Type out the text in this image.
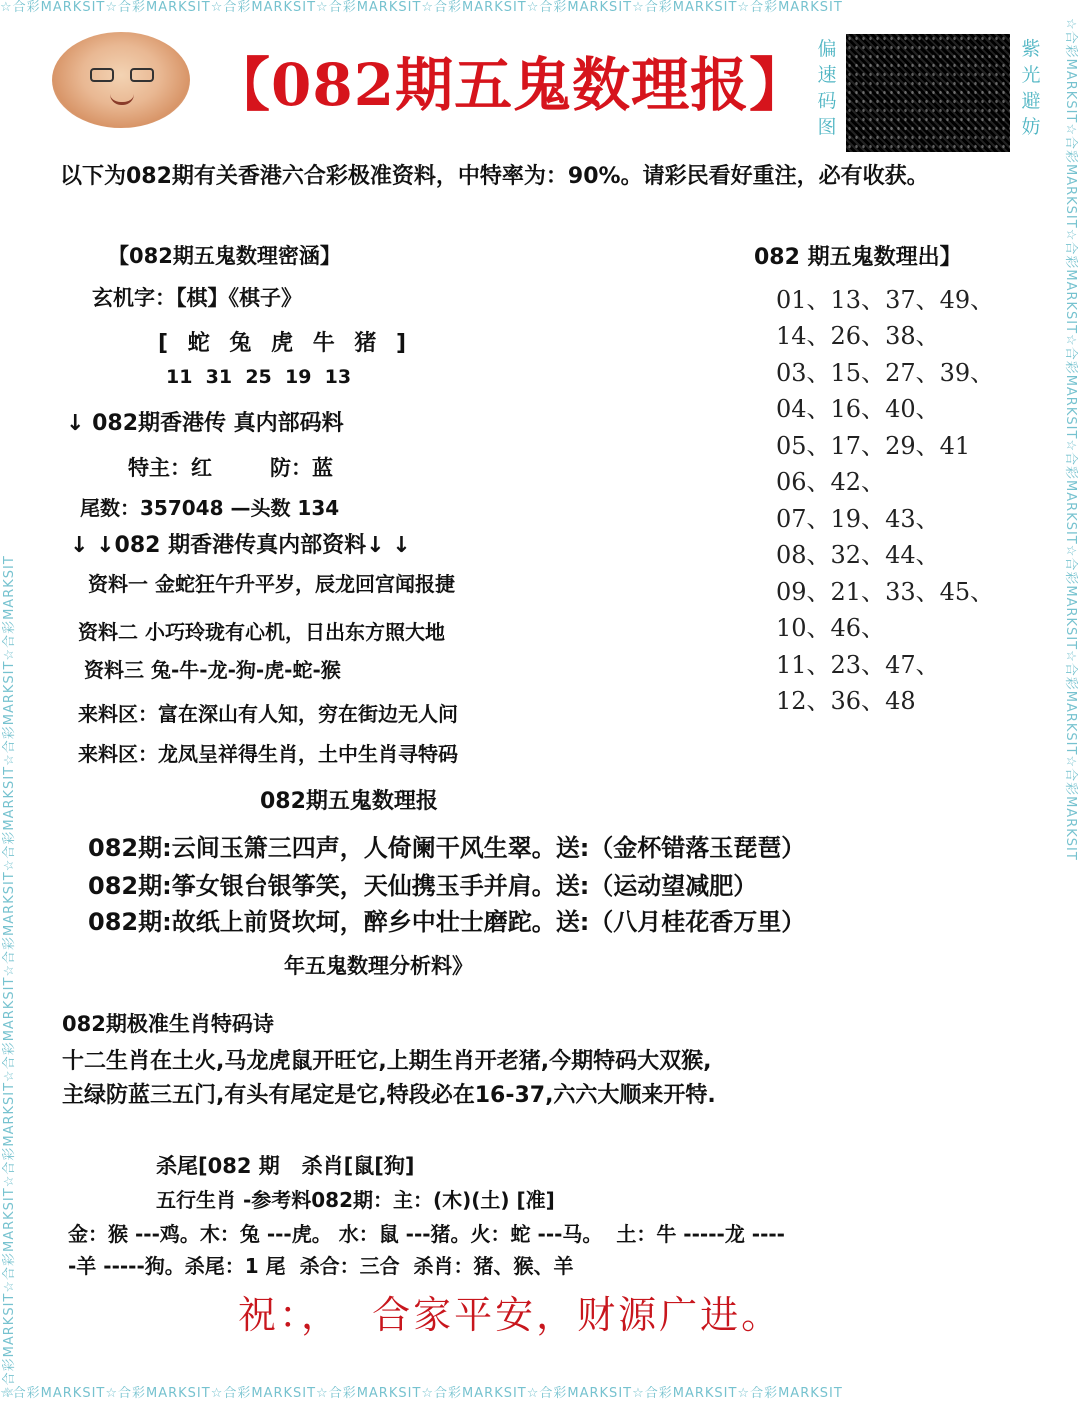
☆合彩MARKSIT☆合彩MARKSIT☆合彩MARKSIT☆合彩MARKSIT☆合彩MARKSIT☆合彩MARKSIT☆合彩MARKSIT☆合彩MARKSIT
☆合彩MARKSIT☆合彩MARKSIT☆合彩MARKSIT☆合彩MARKSIT☆合彩MARKSIT☆合彩MARKSIT☆合彩MARKSIT☆合彩MARKSIT
☆合彩MARKSIT☆合彩MARKSIT☆合彩MARKSIT☆合彩MARKSIT☆合彩MARKSIT☆合彩MARKSIT☆合彩MARKSIT☆合彩MARKSIT
☆合彩MARKSIT☆合彩MARKSIT☆合彩MARKSIT☆合彩MARKSIT☆合彩MARKSIT☆合彩MARKSIT☆合彩MARKSIT☆合彩MARKSIT
【082期五鬼数理报】
偏速码图
紫光避妨
以下为082期有关香港六合彩极准资料，中特率为：90%。请彩民看好重注，必有收获。
【082期五鬼数理密涵】
玄机字：【棋】《棋子》
[ 蛇 兔 虎 牛 猪 ]
11  31  25  19  13
↓ 082期香港传 真内部码料
特主：红	防：蓝
尾数：357048 —头数 134
↓ ↓082 期香港传真内部资料↓ ↓
资料一 金蛇狂午升平岁，辰龙回宫闻报捷
资料二 小巧玲珑有心机，日出东方照大地
资料三 兔-牛-龙-狗-虎-蛇-猴
来料区：富在深山有人知，穷在街边无人问
来料区：龙凤呈祥得生肖，土中生肖寻特码
082 期五鬼数理出】
01、13、37、49、
14、26、38、
03、15、27、39、
04、16、40、
05、17、29、41
06、42、
07、19、43、
08、32、44、
09、21、33、45、
10、46、
11、23、47、
12、36、48
082期五鬼数理报
082期:云间玉箫三四声，人倚阑干风生翠。送:（金杯错落玉琵琶）
082期:筝女银台银筝笑，天仙携玉手并肩。送:（运动望减肥）
082期:故纸上前贤坎坷，醉乡中壮士磨跎。送:（八月桂花香万里）
年五鬼数理分析料》
082期极准生肖特码诗
十二生肖在土火,马龙虎鼠开旺它,上期生肖开老猪,今期特码大双猴,
主绿防蓝三五门,有头有尾定是它,特段必在16-37,六六大顺来开特.
杀尾[082 期   杀肖[鼠[狗]
五行生肖 -参考料082期：主：(木)(土) [准]
金：猴 ---鸡。木：兔 ---虎。 水：鼠 ---猪。火：蛇 ---马。  土：牛 -----龙 ----
-羊 -----狗。杀尾：1 尾  杀合：三合  杀肖：猪、猴、羊
祝：，  合家平安，财源广进。
